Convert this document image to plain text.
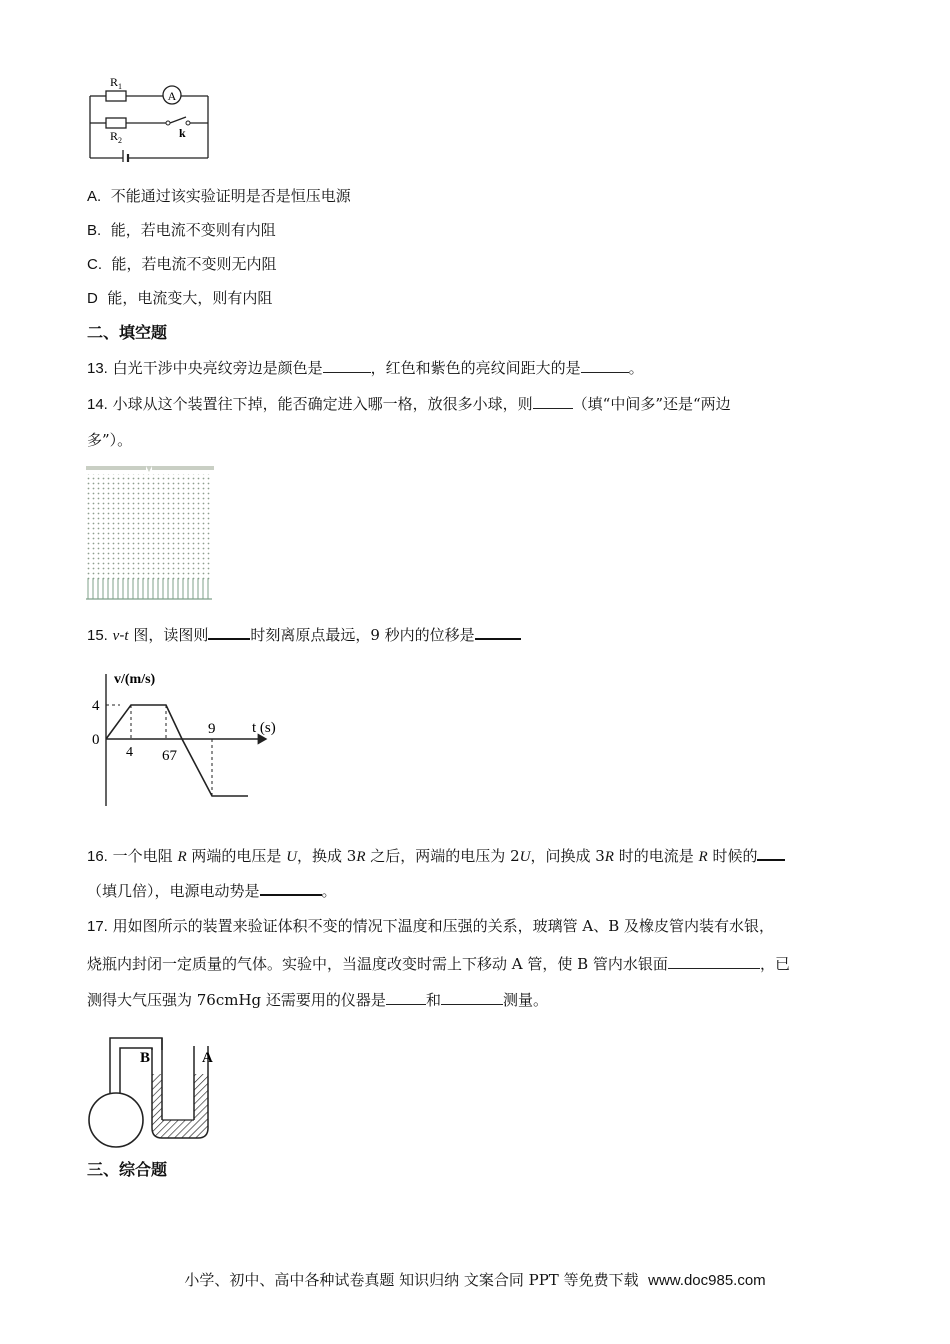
A
$R_1$
$R_2$
k
A. 不能通过该实验证明是否是恒压电源
B. 能，若电流不变则有内阻
C. 能，若电流不变则无内阻
D 能，电流变大，则有内阻
二、填空题
13. 白光干涉中央亮纹旁边是颜色是	，红色和紫色的亮纹间距大的是	。
14. 小球从这个装置往下掉，能否确定进入哪一格，放很多小球，则	（填“中间多”还是“两边
多”）。
15. v-t 图，读图则	时刻离原点最远，9 秒内的位移是
v/(m/s)
t (s)
4
0
4 67
9
16. 一个电阻 R 两端的电压是 U，换成 3R 之后，两端的电压为 2U，问换成 3R 时的电流是 R 时候的
（填几倍），电源电动势是	。
17. 用如图所示的装置来验证体积不变的情况下温度和压强的关系，玻璃管 A、B 及橡皮管内装有水银，
烧瓶内封闭一定质量的气体。实验中，当温度改变时需上下移动 A 管，使 B 管内水银面	，已
测得大气压强为 76cmHg 还需要用的仪器是	和	测量。
B	A
三、综合题
小学、初中、高中各种试卷真题 知识归纳 文案合同 PPT 等免费下载 www.doc985.com
